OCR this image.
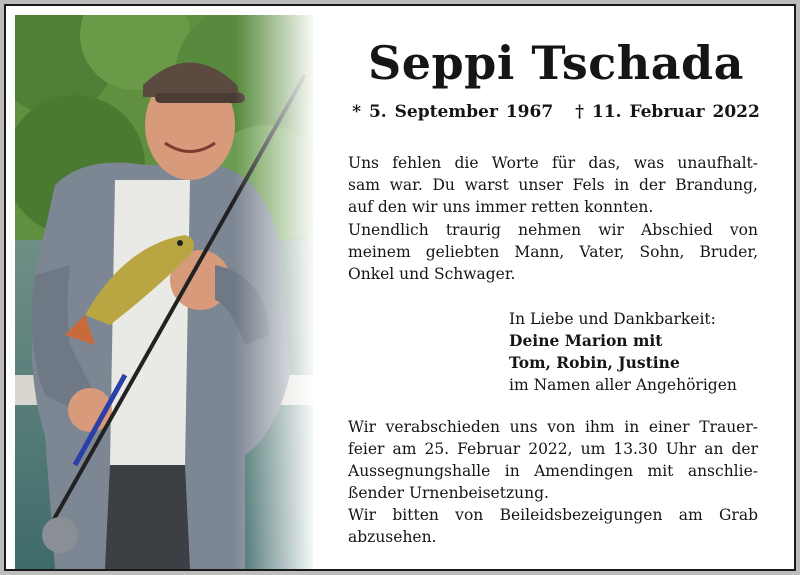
Seppi Tschada
* 5. September 1967 † 11. Februar 2022
Uns fehlen die Worte für das, was unaufhalt-
sam war. Du warst unser Fels in der Brandung,
auf den wir uns immer retten konnten.
Unendlich traurig nehmen wir Abschied von
meinem geliebten Mann, Vater, Sohn, Bruder,
Onkel und Schwager.
In Liebe und Dankbarkeit:
Deine Marion mit
Tom, Robin, Justine
im Namen aller Angehörigen
Wir verabschieden uns von ihm in einer Trauer-
feier am 25. Februar 2022, um 13.30 Uhr an der
Aussegnungshalle in Amendingen mit anschlie-
ßender Urnenbeisetzung.
Wir bitten von Beileidsbezeigungen am Grab
abzusehen.
